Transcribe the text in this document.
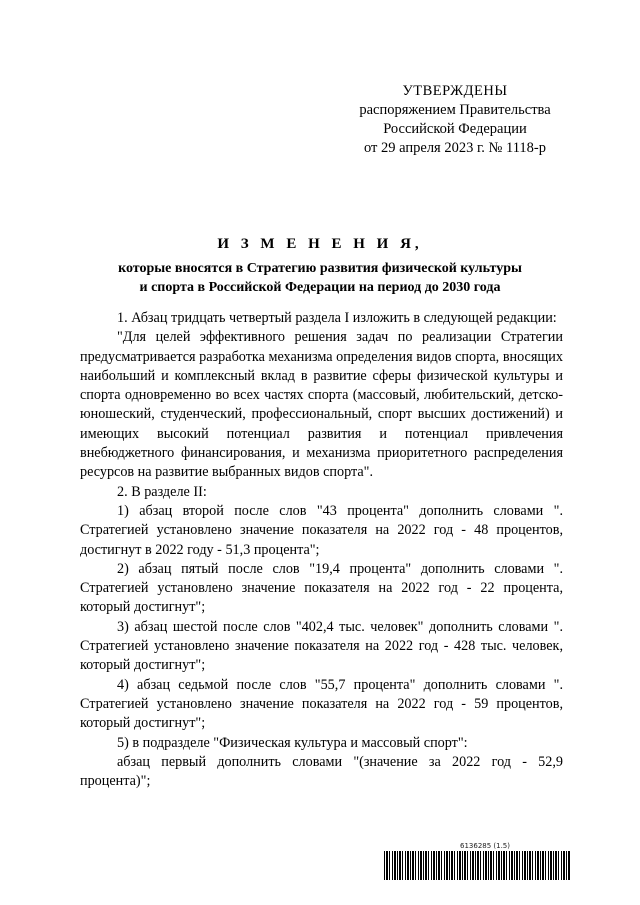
УТВЕРЖДЕНЫ
распоряжением Правительства
Российской Федерации
от 29 апреля 2023 г. № 1118-р
И З М Е Н Е Н И Я,
которые вносятся в Стратегию развития физической культуры
и спорта в Российской Федерации на период до 2030 года

1. Абзац тридцать четвертый раздела I изложить в следующей редакции:

"Для целей эффективного решения задач по реализации Стратегии предусматривается разработка механизма определения видов спорта, вносящих наибольший и комплексный вклад в развитие сферы физической культуры и спорта одновременно во всех частях спорта (массовый, любительский, детско-юношеский, студенческий, профессиональный, спорт высших достижений) и имеющих высокий потенциал развития и потенциал привлечения внебюджетного финансирования, и механизма приоритетного распределения ресурсов на развитие выбранных видов спорта".

2. В разделе II:

1) абзац второй после слов "43 процента" дополнить словами ". Стратегией установлено значение показателя на 2022 год - 48 процентов, достигнут в 2022 году - 51,3 процента";

2) абзац пятый после слов "19,4 процента" дополнить словами ". Стратегией установлено значение показателя на 2022 год - 22 процента, который достигнут";

3) абзац шестой после слов "402,4 тыс. человек" дополнить словами ". Стратегией установлено значение показателя на 2022 год - 428 тыс. человек, который достигнут";

4) абзац седьмой после слов "55,7 процента" дополнить словами ". Стратегией установлено значение показателя на 2022 год - 59 процентов, который достигнут";

5) в подразделе "Физическая культура и массовый спорт":

абзац первый дополнить словами "(значение за 2022 год - 52,9 процента)";

6136285 (1.5)
